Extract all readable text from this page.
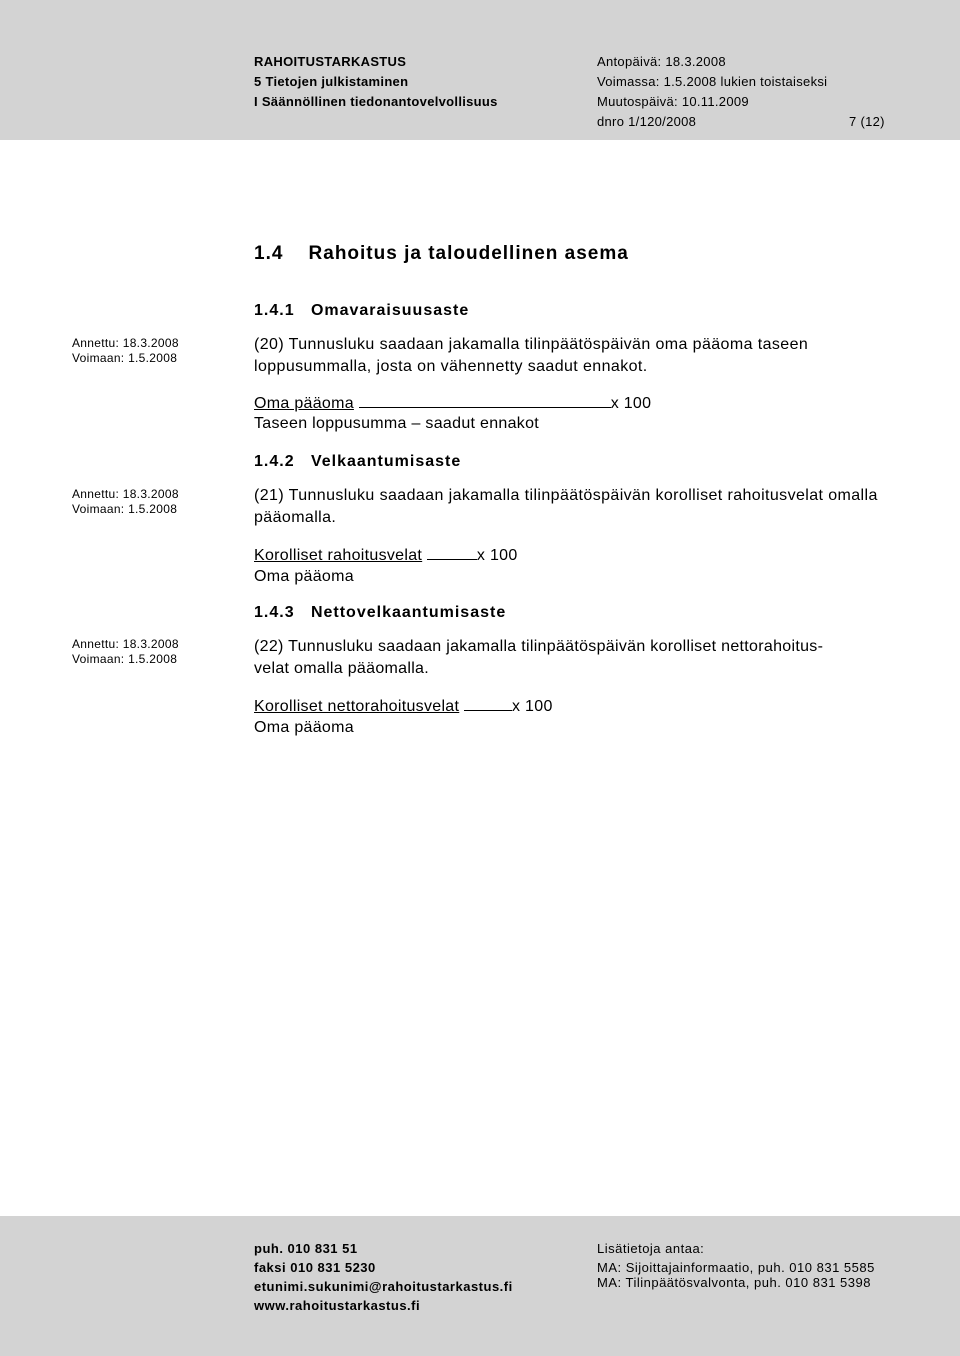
RAHOITUSTARKASTUS
5 Tietojen julkistaminen
I Säännöllinen tiedonantovelvollisuus
Antopäivä: 18.3.2008
Voimassa: 1.5.2008 lukien toistaiseksi
Muutospäivä: 10.11.2009
dnro 1/120/2008	7 (12)
1.4    Rahoitus ja taloudellinen asema
1.4.1 Omavaraisuusaste
Annettu: 18.3.2008
Voimaan: 1.5.2008
(20) Tunnusluku saadaan jakamalla tilinpäätöspäivän oma pääoma taseen loppusummalla, josta on vähennetty saadut ennakot.
Oma pääoma	x 100
Taseen loppusumma – saadut ennakot
1.4.2 Velkaantumisaste
Annettu: 18.3.2008
Voimaan: 1.5.2008
(21) Tunnusluku saadaan jakamalla tilinpäätöspäivän korolliset rahoitusvelat omalla pääomalla.
Korolliset rahoitusvelat	x 100
Oma pääoma
1.4.3 Nettovelkaantumisaste
Annettu: 18.3.2008
Voimaan: 1.5.2008
(22) Tunnusluku saadaan jakamalla tilinpäätöspäivän korolliset nettorahoitus-
velat omalla pääomalla.
Korolliset nettorahoitusvelat	x 100
Oma pääoma
puh. 010 831 51
faksi 010 831 5230
etunimi.sukunimi@rahoitustarkastus.fi
www.rahoitustarkastus.fi
Lisätietoja antaa:
MA: Sijoittajainformaatio, puh. 010 831 5585
MA: Tilinpäätösvalvonta, puh. 010 831 5398
